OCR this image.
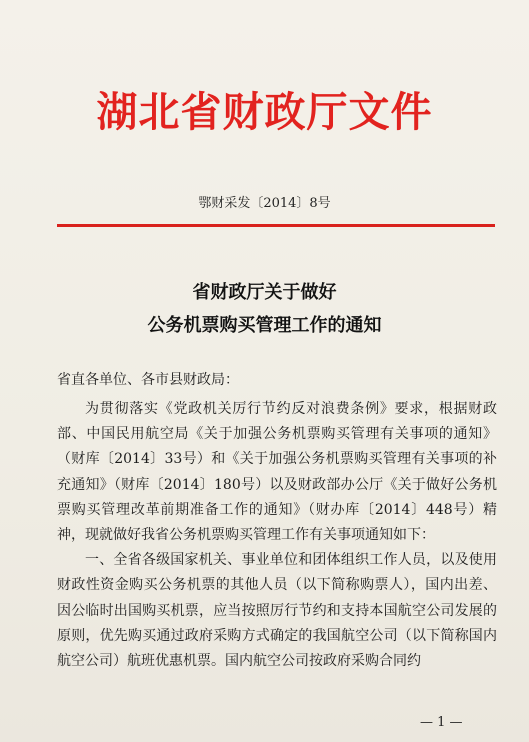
湖北省财政厅文件
鄂财采发〔2014〕8号
省财政厅关于做好
公务机票购买管理工作的通知
省直各单位、各市县财政局：

为贯彻落实《党政机关厉行节约反对浪费条例》要求，根据财政部、中国民用航空局《关于加强公务机票购买管理有关事项的通知》（财库〔2014〕33号）和《关于加强公务机票购买管理有关事项的补充通知》（财库〔2014〕180号）以及财政部办公厅《关于做好公务机票购买管理改革前期准备工作的通知》（财办库〔2014〕448号）精神，现就做好我省公务机票购买管理工作有关事项通知如下：

一、全省各级国家机关、事业单位和团体组织工作人员，以及使用财政性资金购买公务机票的其他人员（以下简称购票人），国内出差、因公临时出国购买机票，应当按照厉行节约和支持本国航空公司发展的原则，优先购买通过政府采购方式确定的我国航空公司（以下简称国内航空公司）航班优惠机票。国内航空公司按政府采购合同约

— 1 —
